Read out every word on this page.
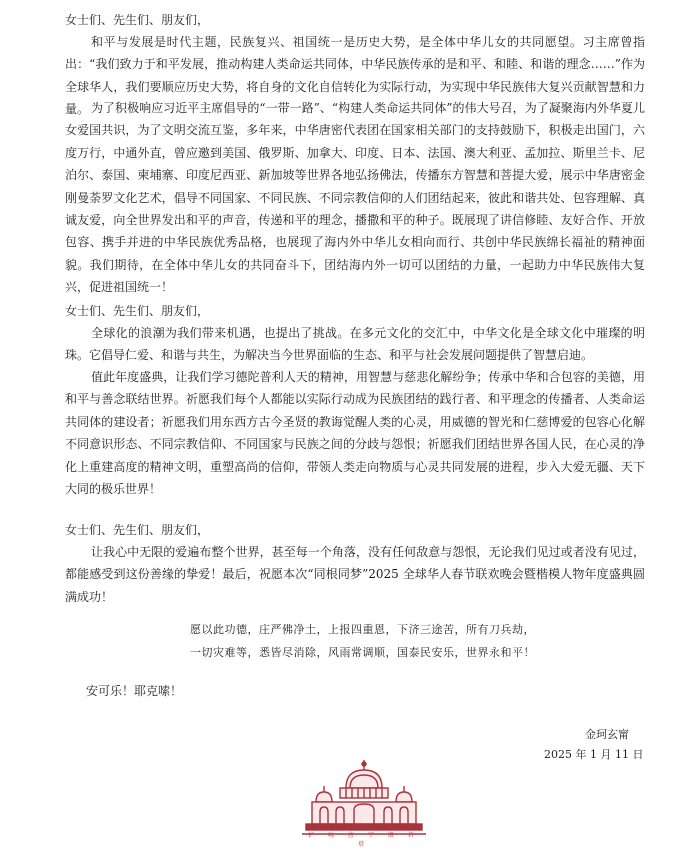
女士们、先生们、朋友们，

和平与发展是时代主题，民族复兴、祖国统一是历史大势，是全体中华儿女的共同愿望。习主席曾指出：“我们致力于和平发展，推动构建人类命运共同体，中华民族传承的是和平、和睦、和谐的理念……”作为全球华人，我们要顺应历史大势，将自身的文化自信转化为实际行动，为实现中华民族伟大复兴贡献智慧和力量。 为了积极响应习近平主席倡导的“一带一路”、“构建人类命运共同体”的伟大号召，为了凝聚海内外华夏儿女爱国共识，为了文明交流互鉴，多年来，中华唐密代表团在国家相关部门的支持鼓励下，积极走出国门，六度万行，中通外直，曾应邀到美国、俄罗斯、加拿大、印度、日本、法国、澳大利亚、孟加拉、斯里兰卡、尼泊尔、泰国、柬埔寨、印度尼西亚、新加坡等世界各地弘扬佛法，传播东方智慧和菩提大爱，展示中华唐密金刚曼荼罗文化艺术，倡导不同国家、不同民族、不同宗教信仰的人们团结起来，彼此和谐共处、包容理解、真诚友爱，向全世界发出和平的声音，传递和平的理念，播撒和平的种子。既展现了讲信修睦、友好合作、开放包容、携手并进的中华民族优秀品格，也展现了海内外中华儿女相向而行、共创中华民族绵长福祉的精神面貌。我们期待，在全体中华儿女的共同奋斗下，团结海内外一切可以团结的力量，一起助力中华民族伟大复兴，促进祖国统一！

女士们、先生们、朋友们，

全球化的浪潮为我们带来机遇，也提出了挑战。在多元文化的交汇中，中华文化是全球文化中璀璨的明珠。它倡导仁爱、和谐与共生，为解决当今世界面临的生态、和平与社会发展问题提供了智慧启迪。

值此年度盛典，让我们学习德陀普利人天的精神，用智慧与慈悲化解纷争；传承中华和合包容的美德，用和平与善念联结世界。祈愿我们每个人都能以实际行动成为民族团结的践行者、和平理念的传播者、人类命运共同体的建设者；祈愿我们用东西方古今圣贤的教诲觉醒人类的心灵，用威德的智光和仁慈博爱的包容心化解不同意识形态、不同宗教信仰、不同国家与民族之间的分歧与怨恨；祈愿我们团结世界各国人民，在心灵的净化上重建高度的精神文明，重塑高尚的信仰，带领人类走向物质与心灵共同发展的进程，步入大爱无疆、天下大同的极乐世界！

女士们、先生们、朋友们，

让我心中无限的爱遍布整个世界，甚至每一个角落，没有任何敌意与怨恨，无论我们见过或者没有见过，都能感受到这份善缘的挚爱！最后，祝愿本次“同根同梦”2025 全球华人春节联欢晚会暨楷模人物年度盛典圆满成功！

愿以此功德，庄严佛净土，上报四重恩，下济三途苦，所有刀兵劫，

一切灾难等，悉皆尽消除，风雨常调顺，国泰民安乐，世界永和平！

安可乐！耶克嗦！

金珂玄甯

2025 年 1 月 11 日

护 咏 唐 宁 般 若 塔
